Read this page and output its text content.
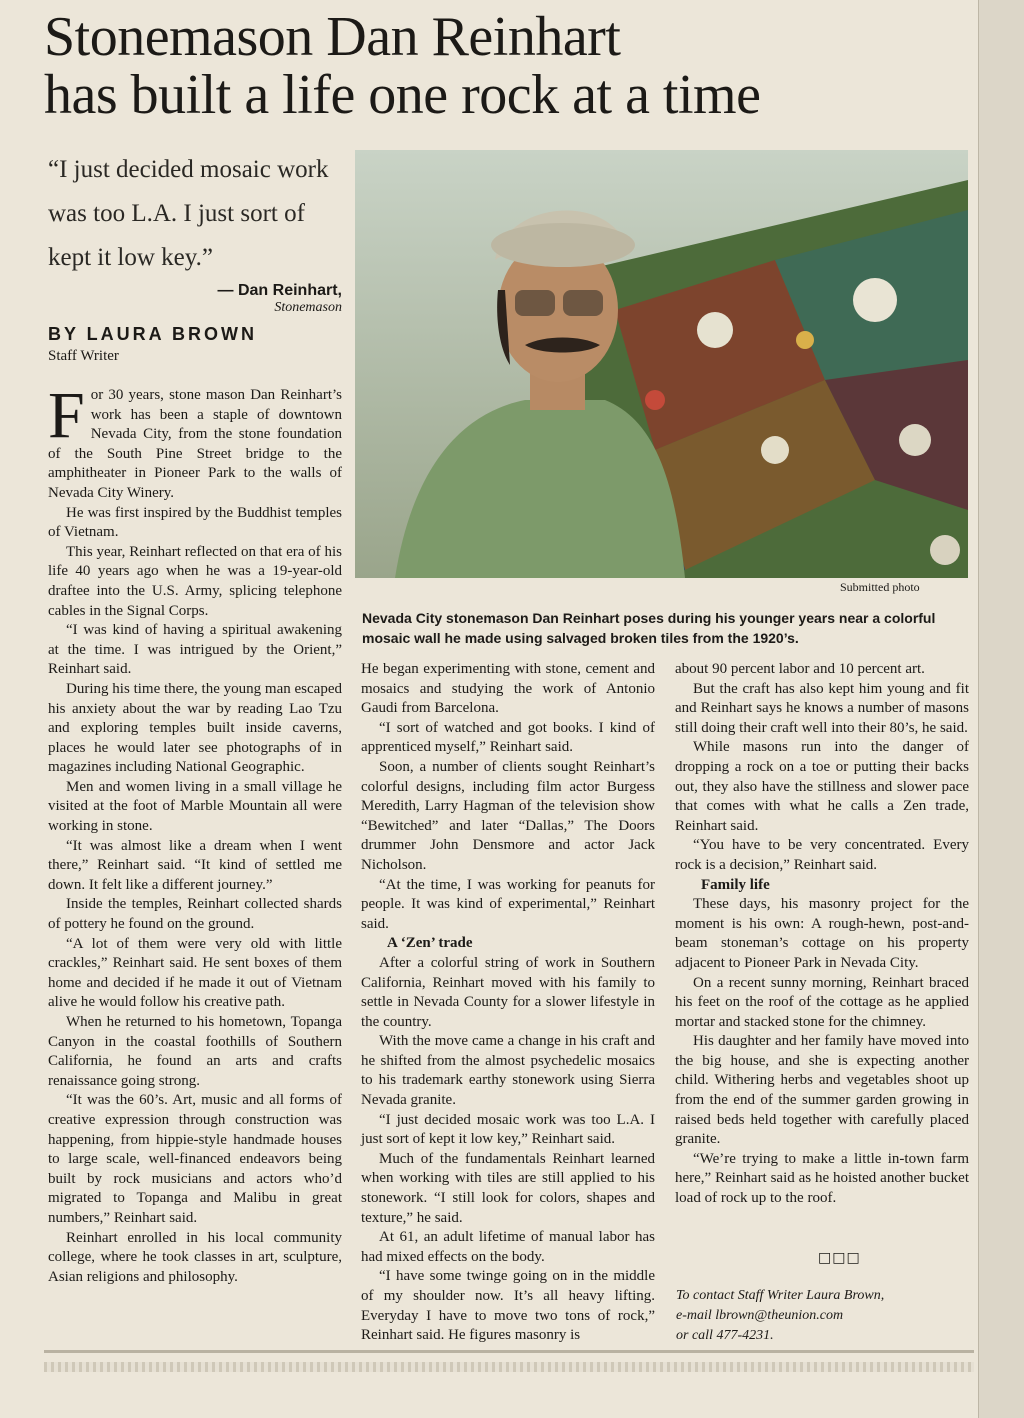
Stonemason Dan Reinhart
has built a life one rock at a time
“I just decided mosaic work was too L.A. I just sort of kept it low key.”
— Dan Reinhart,
Stonemason
BY LAURA BROWN
Staff Writer
Submitted photo
Nevada City stonemason Dan Reinhart poses during his younger years near a colorful mosaic wall he made using salvaged broken tiles from the 1920’s.

For 30 years, stone mason Dan Reinhart’s work has been a staple of downtown Nevada City, from the stone foundation of the South Pine Street bridge to the amphitheater in Pioneer Park to the walls of Nevada City Winery.

He was first inspired by the Buddhist temples of Vietnam.

This year, Reinhart reflected on that era of his life 40 years ago when he was a 19-year-old draftee into the U.S. Army, splicing telephone cables in the Signal Corps.

“I was kind of having a spiritual awakening at the time. I was intrigued by the Orient,” Reinhart said.

During his time there, the young man escaped his anxiety about the war by reading Lao Tzu and exploring temples built inside caverns, places he would later see photographs of in magazines including National Geographic.

Men and women living in a small village he visited at the foot of Marble Mountain all were working in stone.

“It was almost like a dream when I went there,” Reinhart said. “It kind of settled me down. It felt like a different journey.”

Inside the temples, Reinhart collected shards of pottery he found on the ground.

“A lot of them were very old with little crackles,” Reinhart said. He sent boxes of them home and decided if he made it out of Vietnam alive he would follow his creative path.

When he returned to his hometown, Topanga Canyon in the coastal foothills of Southern California, he found an arts and crafts renaissance going strong.

“It was the 60’s. Art, music and all forms of creative expression through construction was happening, from hippie-style handmade houses to large scale, well-financed endeavors being built by rock musicians and actors who’d migrated to Topanga and Malibu in great numbers,” Reinhart said.

Reinhart enrolled in his local community college, where he took classes in art, sculpture, Asian religions and philosophy.

He began experimenting with stone, cement and mosaics and studying the work of Antonio Gaudi from Barcelona.

“I sort of watched and got books. I kind of apprenticed myself,” Reinhart said.

Soon, a number of clients sought Reinhart’s colorful designs, including film actor Burgess Meredith, Larry Hagman of the television show “Bewitched” and later “Dallas,” The Doors drummer John Densmore and actor Jack Nicholson.

“At the time, I was working for peanuts for people. It was kind of experimental,” Reinhart said.

A ‘Zen’ trade

After a colorful string of work in Southern California, Reinhart moved with his family to settle in Nevada County for a slower lifestyle in the country.

With the move came a change in his craft and he shifted from the almost psychedelic mosaics to his trademark earthy stonework using Sierra Nevada granite.

“I just decided mosaic work was too L.A. I just sort of kept it low key,” Reinhart said.

Much of the fundamentals Reinhart learned when working with tiles are still applied to his stonework. “I still look for colors, shapes and texture,” he said.

At 61, an adult lifetime of manual labor has had mixed effects on the body.

“I have some twinge going on in the middle of my shoulder now. It’s all heavy lifting. Everyday I have to move two tons of rock,” Reinhart said. He figures masonry is

about 90 percent labor and 10 percent art.

But the craft has also kept him young and fit and Reinhart says he knows a number of masons still doing their craft well into their 80’s, he said.

While masons run into the danger of dropping a rock on a toe or putting their backs out, they also have the stillness and slower pace that comes with what he calls a Zen trade, Reinhart said.

“You have to be very concentrated. Every rock is a decision,” Reinhart said.

Family life

These days, his masonry project for the moment is his own: A rough-hewn, post-and-beam stoneman’s cottage on his property adjacent to Pioneer Park in Nevada City.

On a recent sunny morning, Reinhart braced his feet on the roof of the cottage as he applied mortar and stacked stone for the chimney.

His daughter and her family have moved into the big house, and she is expecting another child. Withering herbs and vegetables shoot up from the end of the summer garden growing in raised beds held together with carefully placed granite.

“We’re trying to make a little in-town farm here,” Reinhart said as he hoisted another bucket load of rock up to the roof.

□□□
To contact Staff Writer Laura Brown,
e-mail lbrown@theunion.com
or call 477-4231.
